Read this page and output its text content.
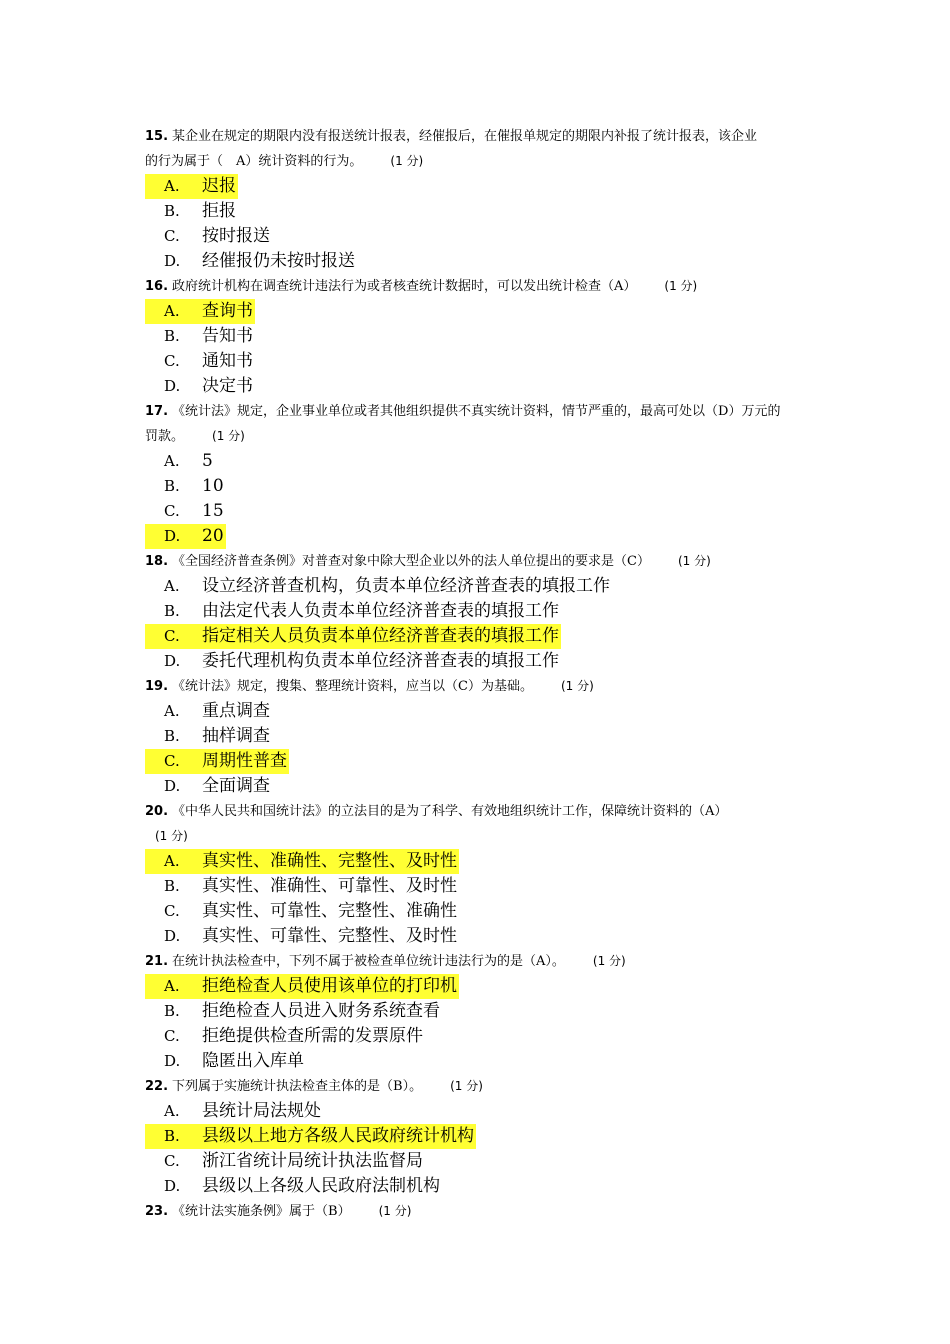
15. 某企业在规定的期限内没有报送统计报表，经催报后，在催报单规定的期限内补报了统计报表，该企业
的行为属于（　A）统计资料的行为。 (1 分)

A. 迟报
B. 拒报
C. 按时报送
D. 经催报仍未按时报送

16. 政府统计机构在调查统计违法行为或者核查统计数据时，可以发出统计检查（A） (1 分)

A. 查询书
B. 告知书
C. 通知书
D. 决定书

17. 《统计法》规定，企业事业单位或者其他组织提供不真实统计资料，情节严重的，最高可处以（D）万元的
罚款。 (1 分)

A. 5
B. 10
C. 15
D. 20

18. 《全国经济普查条例》对普查对象中除大型企业以外的法人单位提出的要求是（C） (1 分)

A. 设立经济普查机构，负责本单位经济普查表的填报工作
B. 由法定代表人负责本单位经济普查表的填报工作
C. 指定相关人员负责本单位经济普查表的填报工作
D. 委托代理机构负责本单位经济普查表的填报工作

19. 《统计法》规定，搜集、整理统计资料，应当以（C）为基础。 (1 分)

A. 重点调查
B. 抽样调查
C. 周期性普查
D. 全面调查

20. 《中华人民共和国统计法》的立法目的是为了科学、有效地组织统计工作，保障统计资料的（A）
(1 分)

A. 真实性、准确性、完整性、及时性
B. 真实性、准确性、可靠性、及时性
C. 真实性、可靠性、完整性、准确性
D. 真实性、可靠性、完整性、及时性

21. 在统计执法检查中，下列不属于被检查单位统计违法行为的是（A）。 (1 分)

A. 拒绝检查人员使用该单位的打印机
B. 拒绝检查人员进入财务系统查看
C. 拒绝提供检查所需的发票原件
D. 隐匿出入库单

22. 下列属于实施统计执法检查主体的是（B）。 (1 分)

A. 县统计局法规处
B. 县级以上地方各级人民政府统计机构
C. 浙江省统计局统计执法监督局
D. 县级以上各级人民政府法制机构

23. 《统计法实施条例》属于（B） (1 分)
